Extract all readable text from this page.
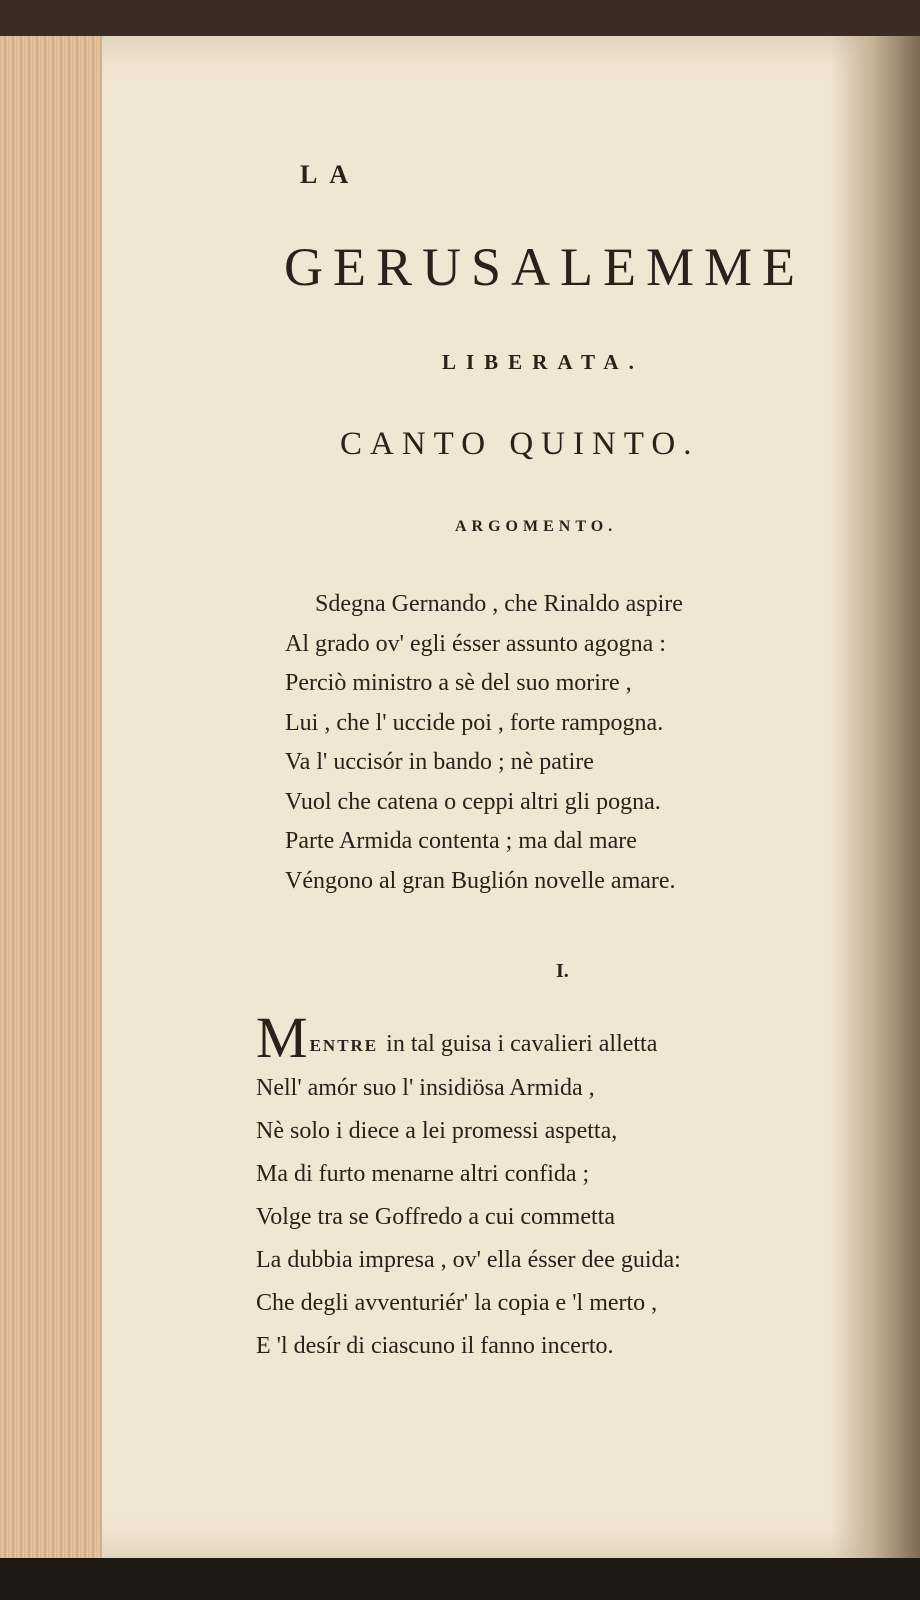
LA
GERUSALEMME
LIBERATA.
CANTO QUINTO.
ARGOMENTO.
Sdegna Gernando , che Rinaldo aspire
Al grado ov' egli ésser assunto agogna :
Perciò ministro a sè del suo morire ,
Lui , che l' uccide poi , forte rampogna.
Va l' uccisór in bando ; nè patire
Vuol che catena o ceppi altri gli pogna.
Parte Armida contenta ; ma dal mare
Véngono al gran Buglión novelle amare.
I.
MENTRE in tal guisa i cavalieri alletta
Nell' amór suo l' insidiösa Armida ,
Nè solo i diece a lei promessi aspetta,
Ma di furto menarne altri confida ;
Volge tra se Goffredo a cui commetta
La dubbia impresa , ov' ella ésser dee guida:
Che degli avventuriér' la copia e 'l merto ,
E 'l desír di ciascuno il fanno incerto.
